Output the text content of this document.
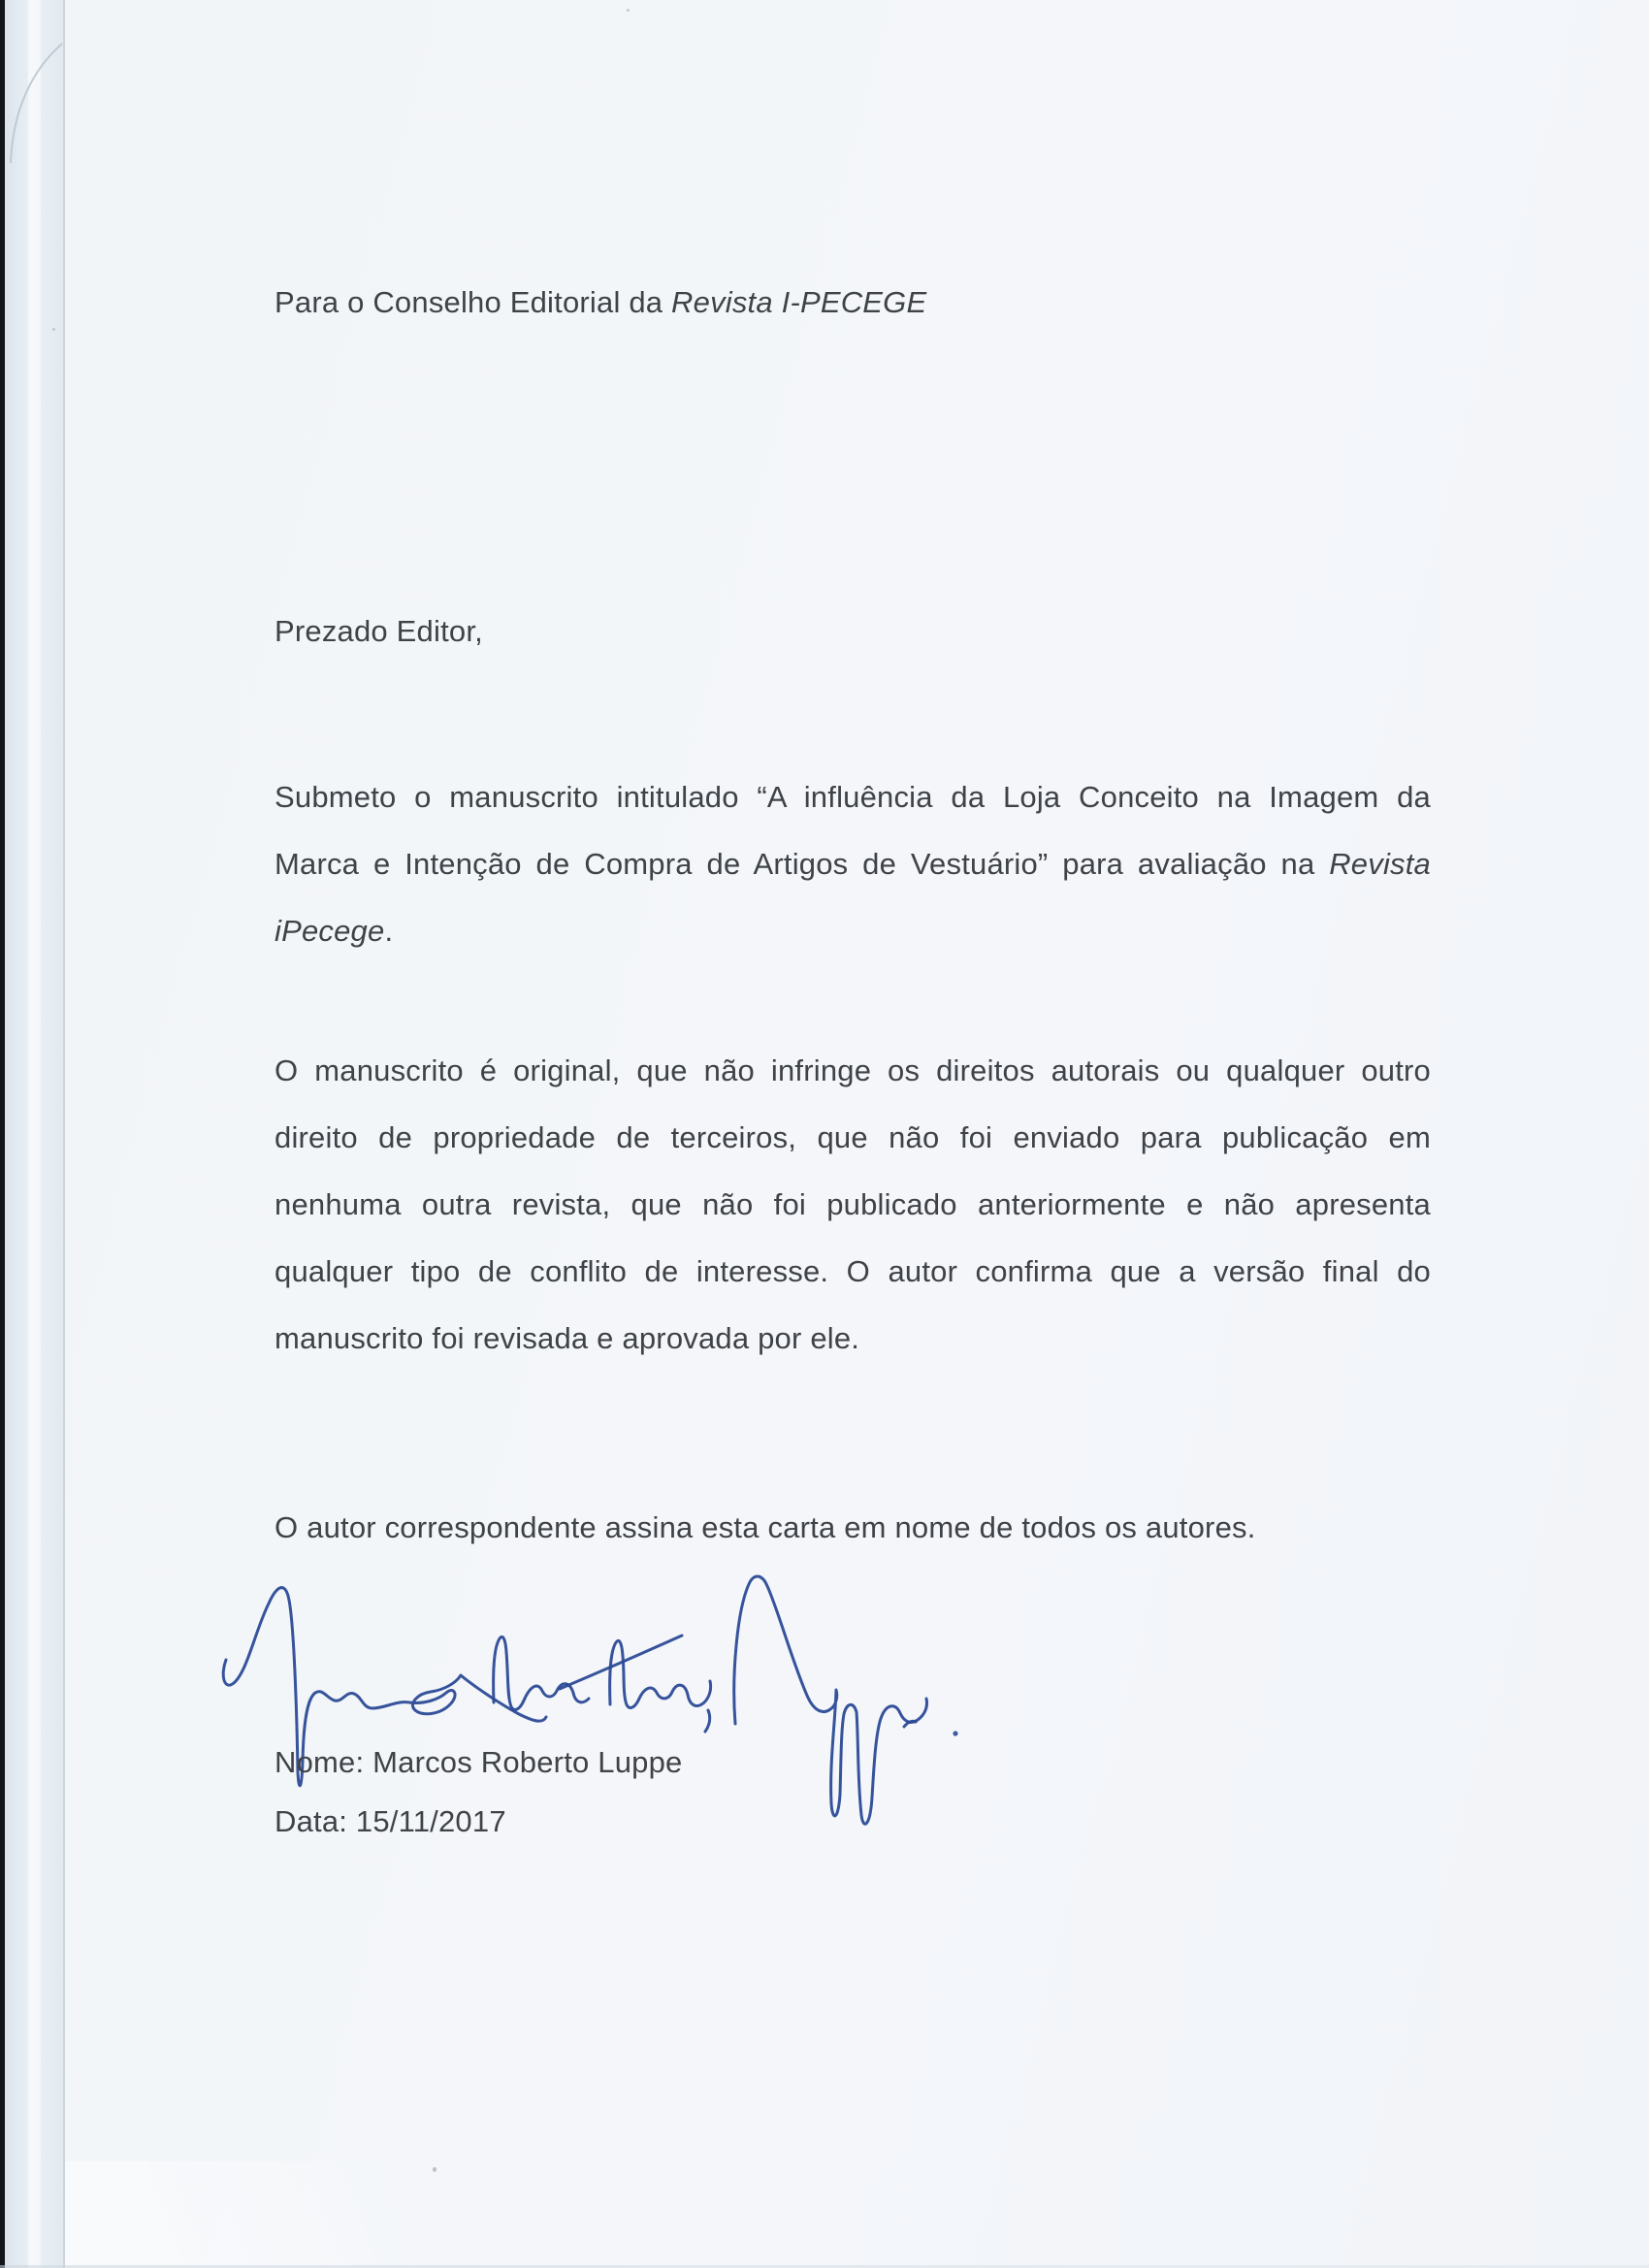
Para o Conselho Editorial da Revista I-PECEGE
Prezado Editor,
Submeto o manuscrito intitulado “A influência da Loja Conceito na Imagem da
Marca e Intenção de Compra de Artigos de Vestuário” para avaliação na Revista
iPecege.
O manuscrito é original, que não infringe os direitos autorais ou qualquer outro
direito de propriedade de terceiros, que não foi enviado para publicação em
nenhuma outra revista, que não foi publicado anteriormente e não apresenta
qualquer tipo de conflito de interesse. O autor confirma que a versão final do
manuscrito foi revisada e aprovada por ele.
O autor correspondente assina esta carta em nome de todos os autores.
Nome: Marcos Roberto Luppe
Data: 15/11/2017
